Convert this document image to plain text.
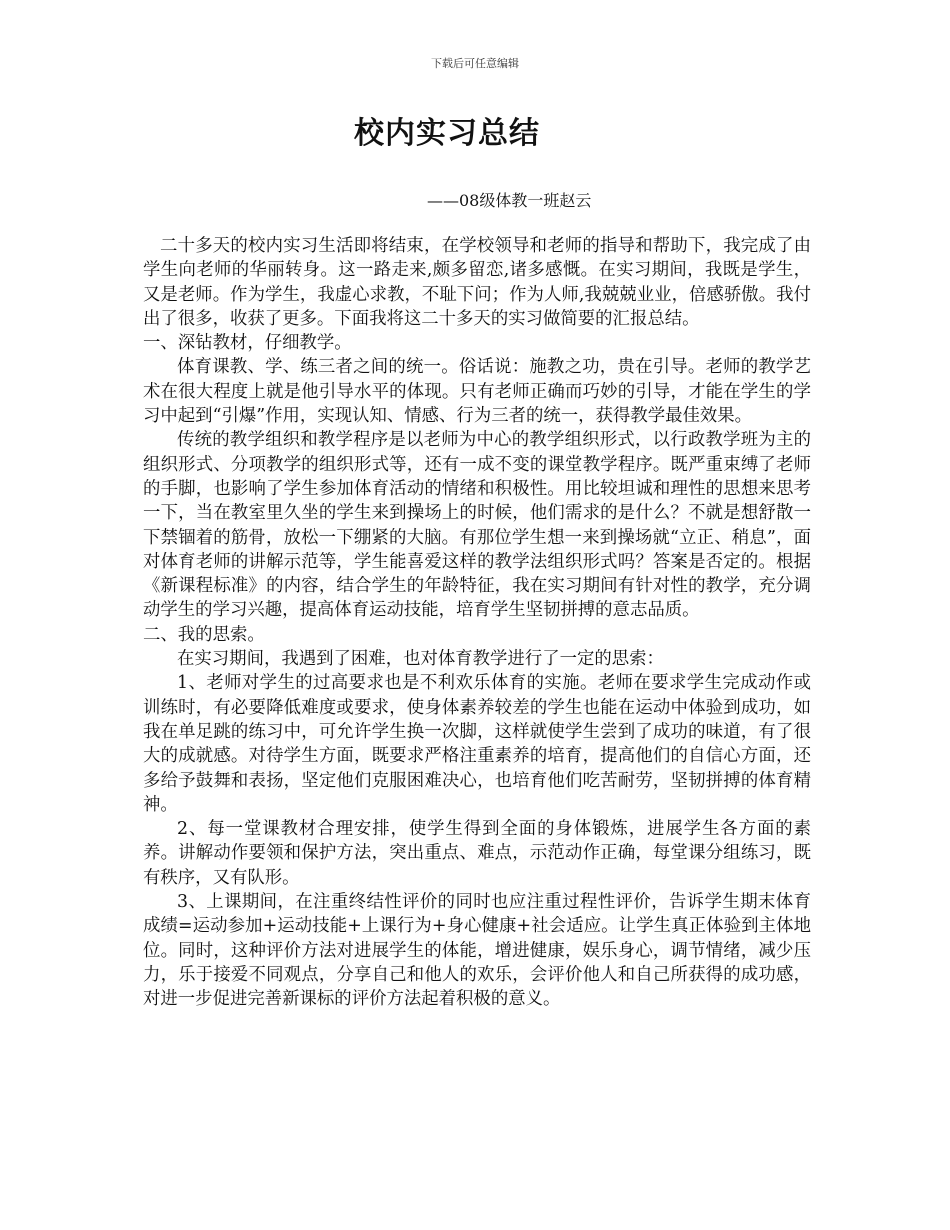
下载后可任意编辑
校内实习总结
——08级体教一班赵云

二十多天的校内实习生活即将结束，在学校领导和老师的指导和帮助下，我完成了由学生向老师的华丽转身。这一路走来,颇多留恋,诸多感慨。在实习期间，我既是学生，又是老师。作为学生，我虚心求教，不耻下问；作为人师,我兢兢业业，倍感骄傲。我付出了很多，收获了更多。下面我将这二十多天的实习做简要的汇报总结。

一、深钻教材，仔细教学。

体育课教、学、练三者之间的统一。俗话说：施教之功，贵在引导。老师的教学艺术在很大程度上就是他引导水平的体现。只有老师正确而巧妙的引导，才能在学生的学习中起到“引爆”作用，实现认知、情感、行为三者的统一，获得教学最佳效果。

传统的教学组织和教学程序是以老师为中心的教学组织形式，以行政教学班为主的组织形式、分项教学的组织形式等，还有一成不变的课堂教学程序。既严重束缚了老师的手脚，也影响了学生参加体育活动的情绪和积极性。用比较坦诚和理性的思想来思考一下，当在教室里久坐的学生来到操场上的时候，他们需求的是什么？不就是想舒散一下禁锢着的筋骨，放松一下绷紧的大脑。有那位学生想一来到操场就“立正、稍息”，面对体育老师的讲解示范等，学生能喜爱这样的教学法组织形式吗？答案是否定的。根据《新课程标准》的内容，结合学生的年龄特征，我在实习期间有针对性的教学，充分调动学生的学习兴趣，提高体育运动技能，培育学生坚韧拼搏的意志品质。

二、我的思索。

在实习期间，我遇到了困难，也对体育教学进行了一定的思索：

1、老师对学生的过高要求也是不利欢乐体育的实施。老师在要求学生完成动作或训练时，有必要降低难度或要求，使身体素养较差的学生也能在运动中体验到成功，如我在单足跳的练习中，可允许学生换一次脚，这样就使学生尝到了成功的味道，有了很大的成就感。对待学生方面，既要求严格注重素养的培育，提高他们的自信心方面，还多给予鼓舞和表扬，坚定他们克服困难决心，也培育他们吃苦耐劳，坚韧拼搏的体育精神。

2、每一堂课教材合理安排，使学生得到全面的身体锻炼，进展学生各方面的素养。讲解动作要领和保护方法，突出重点、难点，示范动作正确，每堂课分组练习，既有秩序，又有队形。

3、上课期间，在注重终结性评价的同时也应注重过程性评价，告诉学生期末体育成绩=运动参加+运动技能+上课行为+身心健康+社会适应。让学生真正体验到主体地位。同时，这种评价方法对进展学生的体能，增进健康，娱乐身心，调节情绪，减少压力，乐于接爱不同观点，分享自己和他人的欢乐，会评价他人和自己所获得的成功感，对进一步促进完善新课标的评价方法起着积极的意义。
